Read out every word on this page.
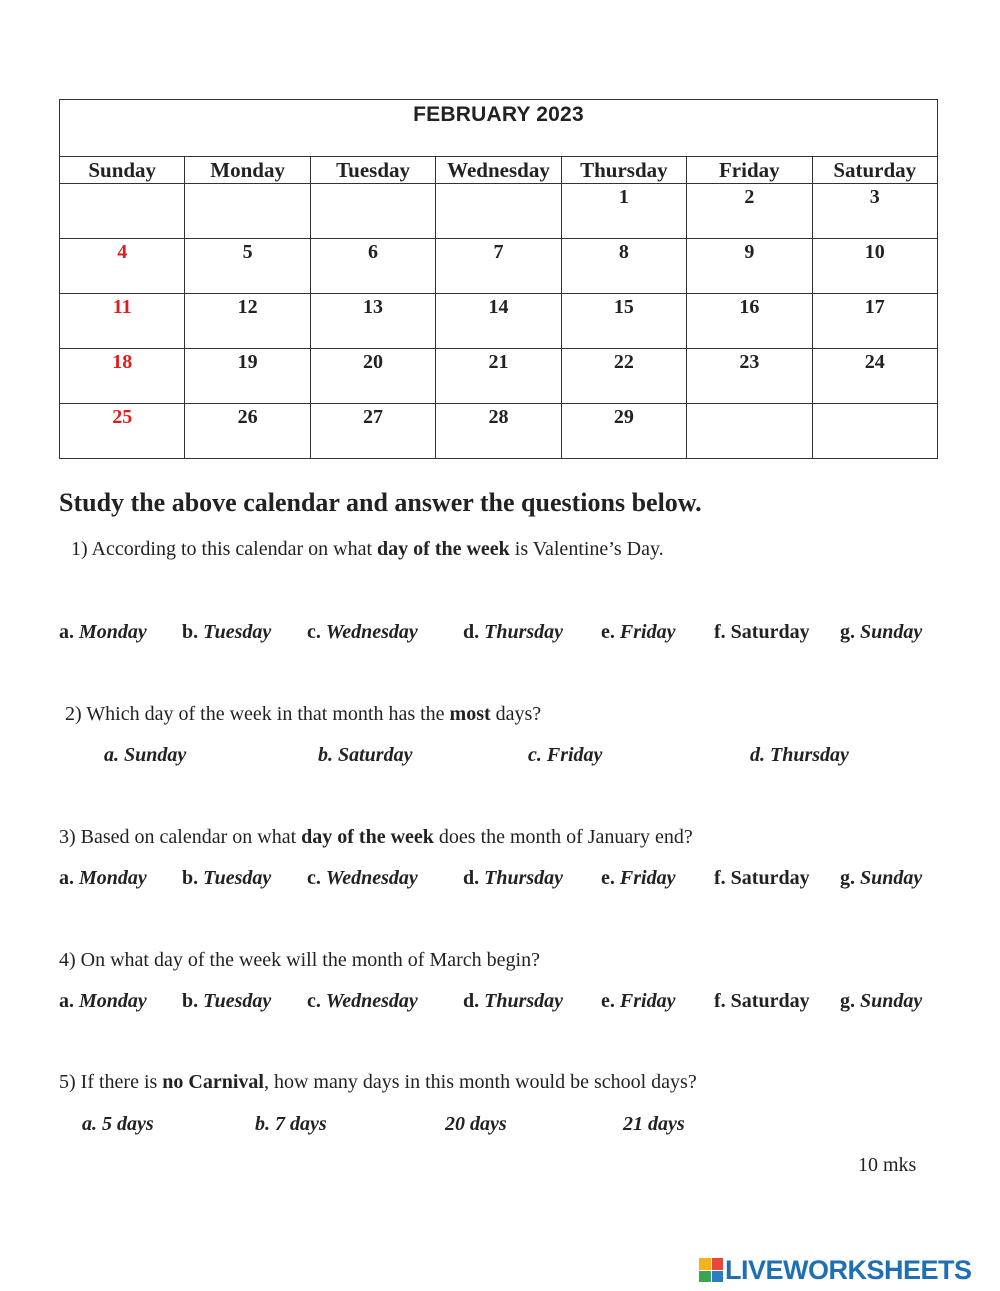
FEBRUARY 2023						
Sunday	Monday	Tuesday	Wednesday	Thursday	Friday	Saturday
				1	2	3
4	5	6	7	8	9	10
11	12	13	14	15	16	17
18	19	20	21	22	23	24
25	26	27	28	29		
Study the above calendar and answer the questions below.
1) According to this calendar on what day of the week is Valentine’s Day.
a. Monday b. Tuesday c. Wednesday d. Thursday e. Friday f. Saturday g. Sunday
2) Which day of the week in that month has the most days?
a. Sunday	b. Saturday	c. Friday	d. Thursday
3) Based on calendar on what day of the week does the month of January end?
a. Monday b. Tuesday c. Wednesday d. Thursday e. Friday f. Saturday g. Sunday
4) On what day of the week will the month of March begin?
a. Monday b. Tuesday c. Wednesday d. Thursday e. Friday f. Saturday g. Sunday
5) If there is no Carnival, how many days in this month would be school days?
a. 5 days	b. 7 days	20 days	21 days
10 mks
LIVEWORKSHEETS
